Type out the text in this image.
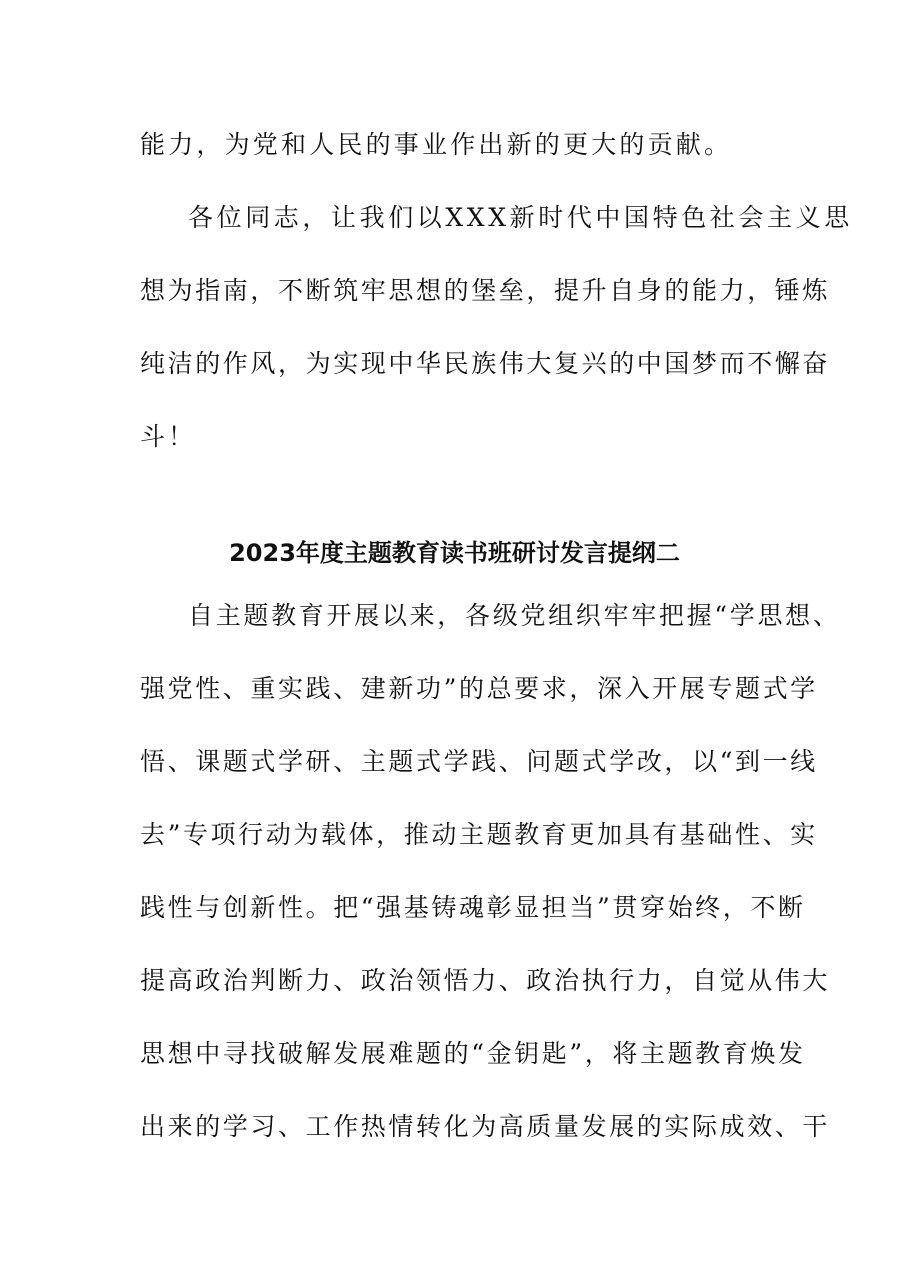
能力，为党和人民的事业作出新的更大的贡献。
各位同志，让我们以XXX新时代中国特色社会主义思
想为指南，不断筑牢思想的堡垒，提升自身的能力，锤炼
纯洁的作风，为实现中华民族伟大复兴的中国梦而不懈奋
斗！
2023年度主题教育读书班研讨发言提纲二
自主题教育开展以来，各级党组织牢牢把握“学思想、
强党性、重实践、建新功”的总要求，深入开展专题式学
悟、课题式学研、主题式学践、问题式学改，以“到一线
去”专项行动为载体，推动主题教育更加具有基础性、实
践性与创新性。把“强基铸魂彰显担当”贯穿始终，不断
提高政治判断力、政治领悟力、政治执行力，自觉从伟大
思想中寻找破解发展难题的“金钥匙”，将主题教育焕发
出来的学习、工作热情转化为高质量发展的实际成效、干
